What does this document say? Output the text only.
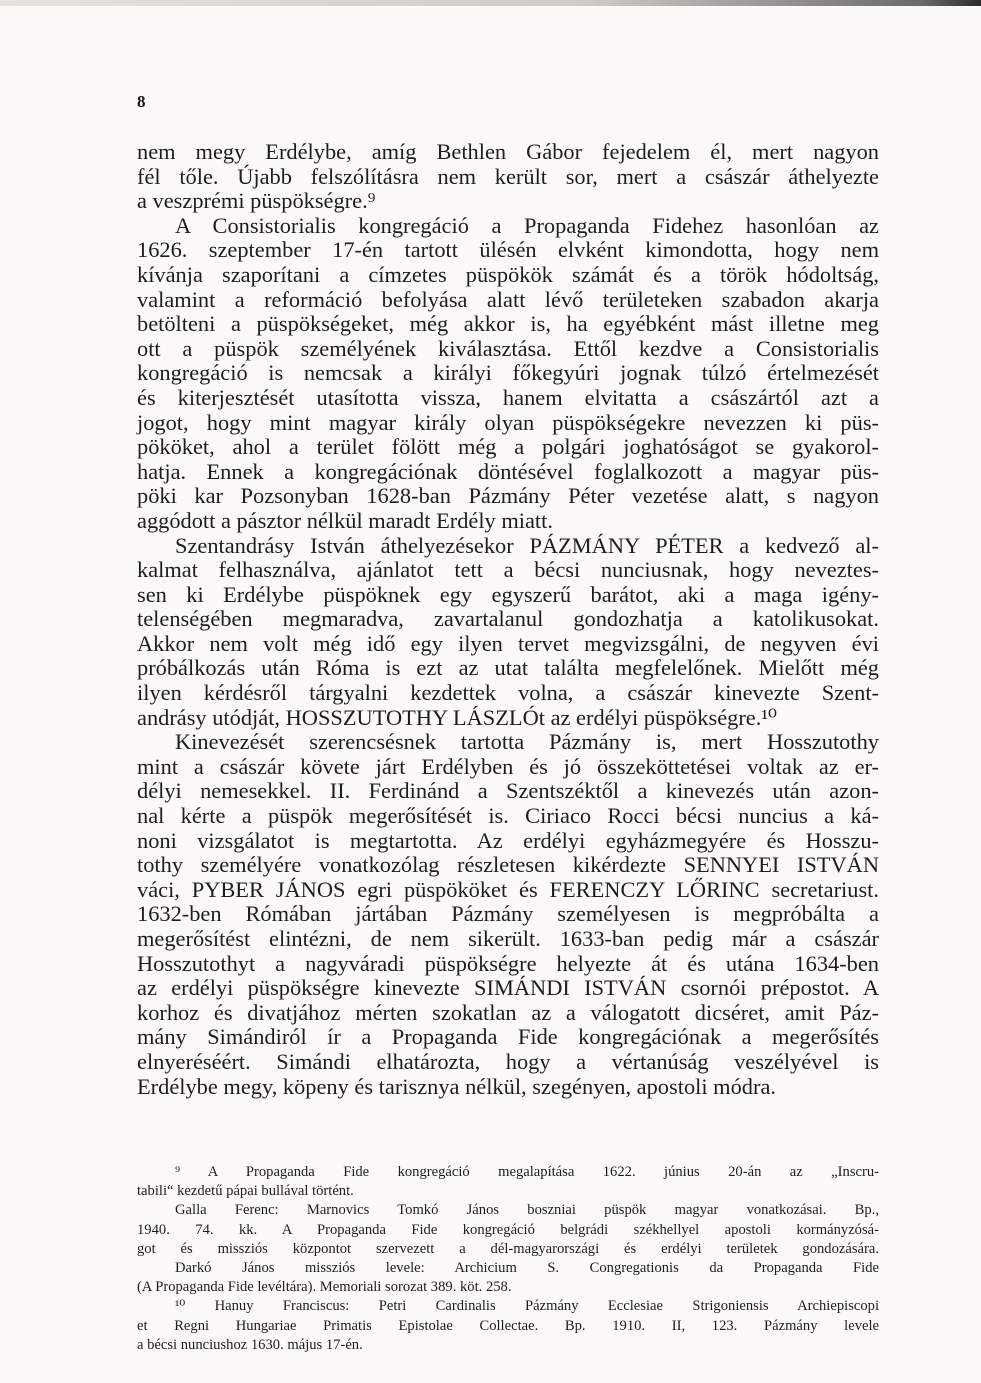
8
nem megy Erdélybe, amíg Bethlen Gábor fejedelem él, mert nagyon
fél tőle. Újabb felszólításra nem került sor, mert a császár áthelyezte
a veszprémi püspökségre.⁹
A Consistorialis kongregáció a Propaganda Fidehez hasonlóan az
1626. szeptember 17-én tartott ülésén elvként kimondotta, hogy nem
kívánja szaporítani a címzetes püspökök számát és a török hódoltság,
valamint a reformáció befolyása alatt lévő területeken szabadon akarja
betölteni a püspökségeket, még akkor is, ha egyébként mást illetne meg
ott a püspök személyének kiválasztása. Ettől kezdve a Consistorialis
kongregáció is nemcsak a királyi főkegyúri jognak túlzó értelmezését
és kiterjesztését utasította vissza, hanem elvitatta a császártól azt a
jogot, hogy mint magyar király olyan püspökségekre nevezzen ki püs-
pököket, ahol a terület fölött még a polgári joghatóságot se gyakorol-
hatja. Ennek a kongregációnak döntésével foglalkozott a magyar püs-
pöki kar Pozsonyban 1628-ban Pázmány Péter vezetése alatt, s nagyon
aggódott a pásztor nélkül maradt Erdély miatt.
Szentandrásy István áthelyezésekor PÁZMÁNY PÉTER a kedvező al-
kalmat felhasználva, ajánlatot tett a bécsi nunciusnak, hogy neveztes-
sen ki Erdélybe püspöknek egy egyszerű barátot, aki a maga igény-
telenségében megmaradva, zavartalanul gondozhatja a katolikusokat.
Akkor nem volt még idő egy ilyen tervet megvizsgálni, de negyven évi
próbálkozás után Róma is ezt az utat találta megfelelőnek. Mielőtt még
ilyen kérdésről tárgyalni kezdettek volna, a császár kinevezte Szent-
andrásy utódját, HOSSZUTOTHY LÁSZLÓt az erdélyi püspökségre.¹⁰
Kinevezését szerencsésnek tartotta Pázmány is, mert Hosszutothy
mint a császár követe járt Erdélyben és jó összeköttetései voltak az er-
délyi nemesekkel. II. Ferdinánd a Szentszéktől a kinevezés után azon-
nal kérte a püspök megerősítését is. Ciriaco Rocci bécsi nuncius a ká-
noni vizsgálatot is megtartotta. Az erdélyi egyházmegyére és Hosszu-
tothy személyére vonatkozólag részletesen kikérdezte SENNYEI ISTVÁN
váci, PYBER JÁNOS egri püspököket és FERENCZY LŐRINC secretariust.
1632-ben Rómában jártában Pázmány személyesen is megpróbálta a
megerősítést elintézni, de nem sikerült. 1633-ban pedig már a császár
Hosszutothyt a nagyváradi püspökségre helyezte át és utána 1634-ben
az erdélyi püspökségre kinevezte SIMÁNDI ISTVÁN csornói prépostot. A
korhoz és divatjához mérten szokatlan az a válogatott dicséret, amit Páz-
mány Simándiról ír a Propaganda Fide kongregációnak a megerősítés
elnyeréséért. Simándi elhatározta, hogy a vértanúság veszélyével is
Erdélybe megy, köpeny és tarisznya nélkül, szegényen, apostoli módra.
⁹ A Propaganda Fide kongregáció megalapítása 1622. június 20-án az „Inscru-
tabili“ kezdetű pápai bullával történt.
Galla Ferenc: Marnovics Tomkó János boszniai püspök magyar vonatkozásai. Bp.,
1940. 74. kk. A Propaganda Fide kongregáció belgrádi székhellyel apostoli kormányzósá-
got és missziós központot szervezett a dél-magyarországi és erdélyi területek gondozására.
Darkó János missziós levele: Archicium S. Congregationis da Propaganda Fide
(A Propaganda Fide levéltára). Memoriali sorozat 389. köt. 258.
¹⁰ Hanuy Franciscus: Petri Cardinalis Pázmány Ecclesiae Strigoniensis Archiepiscopi
et Regni Hungariae Primatis Epistolae Collectae. Bp. 1910. II, 123. Pázmány levele
a bécsi nunciushoz 1630. május 17-én.
